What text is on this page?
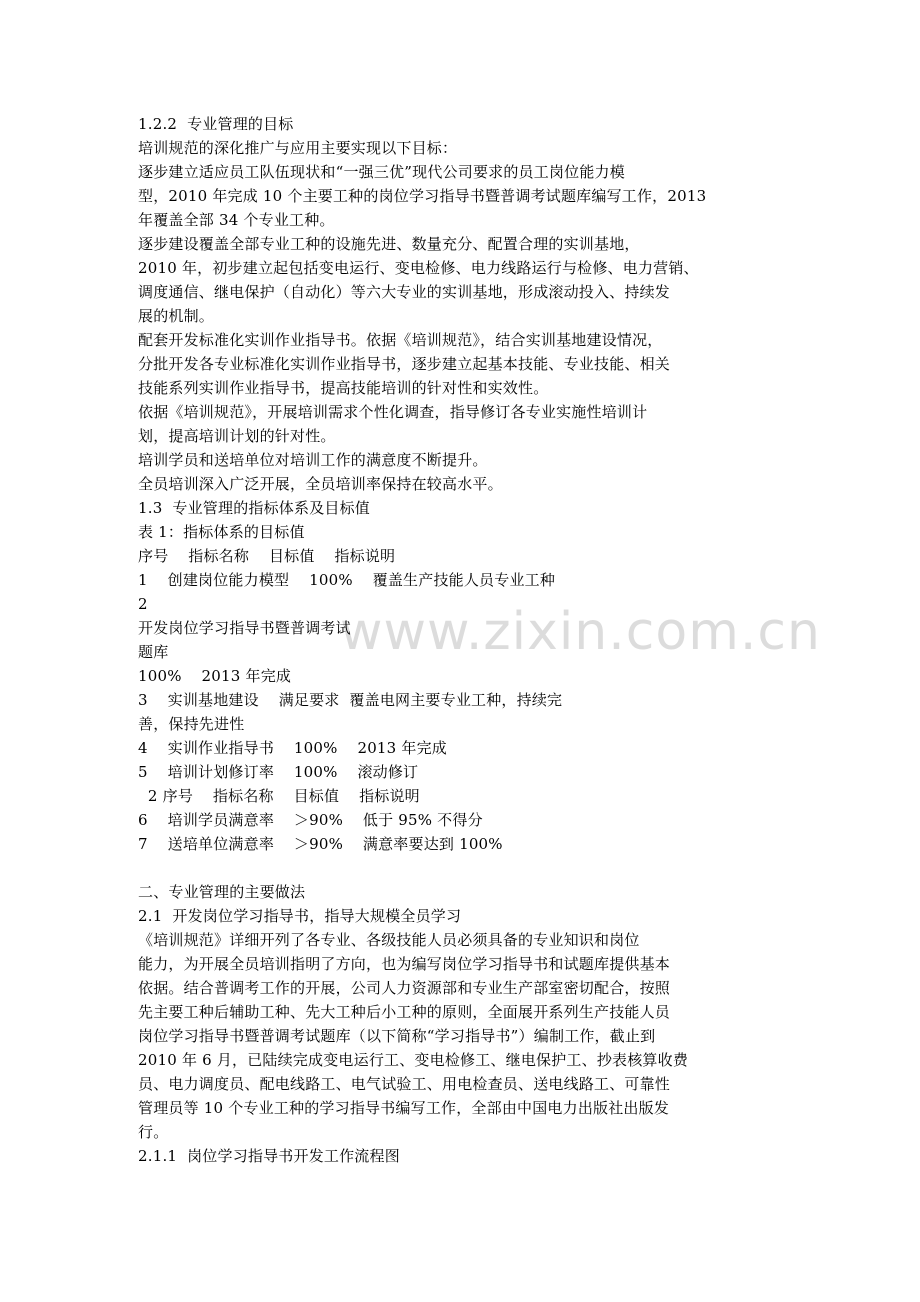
www.zixin.com.cn
1.2.2  专业管理的目标
培训规范的深化推广与应用主要实现以下目标：
逐步建立适应员工队伍现状和“一强三优”现代公司要求的员工岗位能力模
型，2010 年完成 10 个主要工种的岗位学习指导书暨普调考试题库编写工作，2013
年覆盖全部 34 个专业工种。
逐步建设覆盖全部专业工种的设施先进、数量充分、配置合理的实训基地，
2010 年，初步建立起包括变电运行、变电检修、电力线路运行与检修、电力营销、
调度通信、继电保护（自动化）等六大专业的实训基地，形成滚动投入、持续发
展的机制。
配套开发标准化实训作业指导书。依据《培训规范》，结合实训基地建设情况，
分批开发各专业标准化实训作业指导书，逐步建立起基本技能、专业技能、相关
技能系列实训作业指导书，提高技能培训的针对性和实效性。
依据《培训规范》，开展培训需求个性化调查，指导修订各专业实施性培训计
划，提高培训计划的针对性。
培训学员和送培单位对培训工作的满意度不断提升。
全员培训深入广泛开展，全员培训率保持在较高水平。
1.3  专业管理的指标体系及目标值
表 1：指标体系的目标值
序号    指标名称    目标值    指标说明
1    创建岗位能力模型    100%    覆盖生产技能人员专业工种
2
开发岗位学习指导书暨普调考试
题库
100%    2013 年完成
3    实训基地建设    满足要求  覆盖电网主要专业工种，持续完
善，保持先进性
4    实训作业指导书    100%    2013 年完成
5    培训计划修订率    100%    滚动修订
2 序号    指标名称    目标值    指标说明
6    培训学员满意率    ＞90%    低于 95% 不得分
7    送培单位满意率    ＞90%    满意率要达到 100%
二、专业管理的主要做法
2.1  开发岗位学习指导书，指导大规模全员学习
《培训规范》详细开列了各专业、各级技能人员必须具备的专业知识和岗位
能力，为开展全员培训指明了方向，也为编写岗位学习指导书和试题库提供基本
依据。结合普调考工作的开展，公司人力资源部和专业生产部室密切配合，按照
先主要工种后辅助工种、先大工种后小工种的原则，全面展开系列生产技能人员
岗位学习指导书暨普调考试题库（以下简称“学习指导书”）编制工作，截止到
2010 年 6 月，已陆续完成变电运行工、变电检修工、继电保护工、抄表核算收费
员、电力调度员、配电线路工、电气试验工、用电检查员、送电线路工、可靠性
管理员等 10 个专业工种的学习指导书编写工作，全部由中国电力出版社出版发
行。
2.1.1  岗位学习指导书开发工作流程图
